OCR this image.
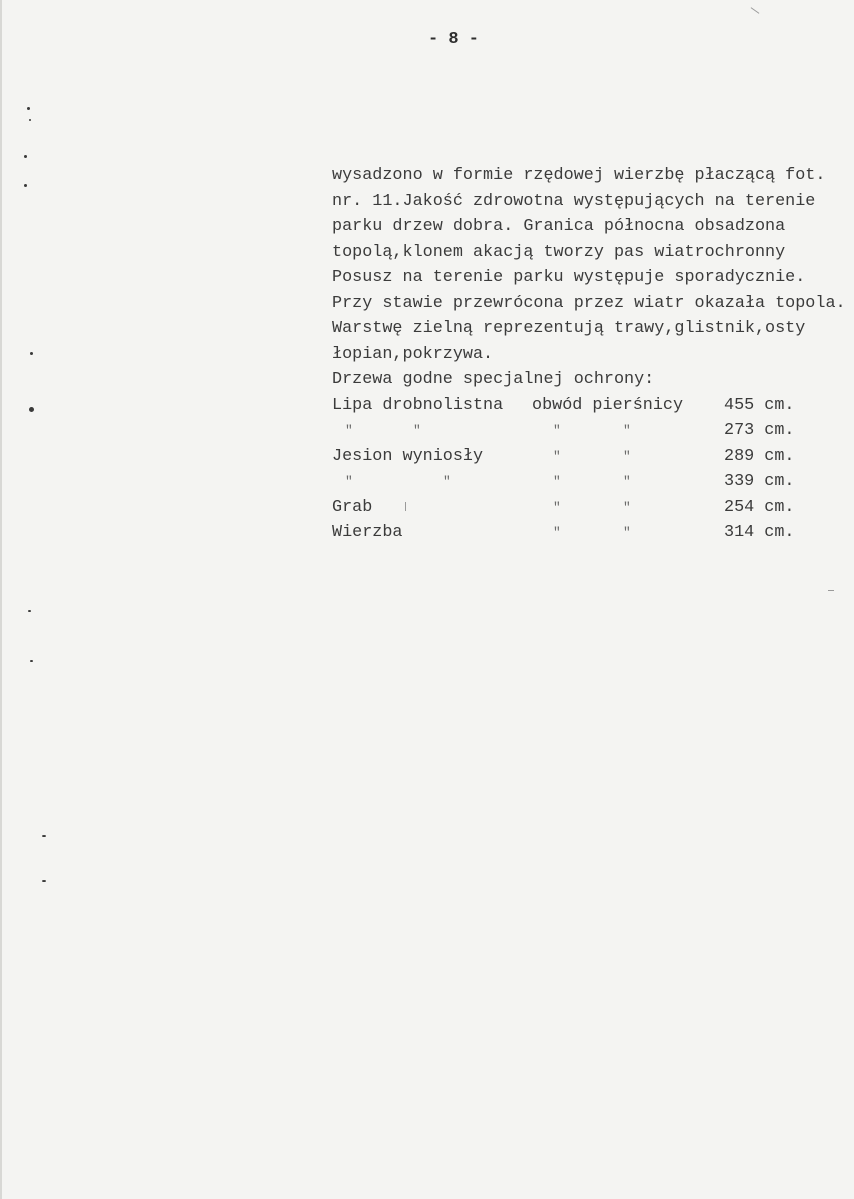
- 8 -
wysadzono w formie rzędowej wierzbę płaczącą fot.
nr. 11.Jakość zdrowotna występujących na terenie
parku drzew dobra. Granica północna obsadzona
topolą,klonem akacją tworzy pas wiatrochronny
Posusz na terenie parku występuje sporadycznie.
Przy stawie przewrócona przez wiatr okazała topola.
Warstwę zielną reprezentują trawy,glistnik,osty
łopian,pokrzywa.
Drzewa godne specjalnej ochrony:
Lipa drobnolistna obwód pierśnicy 455 cm.
"	"	"	"	273 cm.
Jesion wyniosły	"	"	289 cm.
"	"	"	"	339 cm.
Grab	"	"	254 cm.
Wierzba	"	"	314 cm.
